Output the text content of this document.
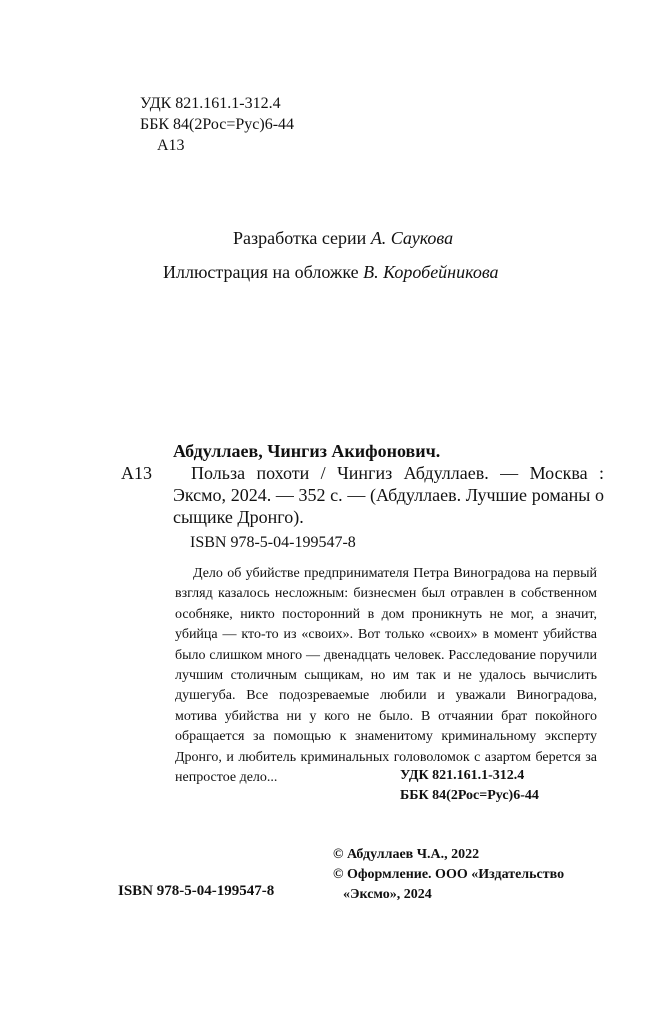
УДК 821.161.1-312.4
ББК 84(2Рос=Рус)6-44
А13
Разработка серии А. Саукова
Иллюстрация на обложке В. Коробейникова
Абдуллаев, Чингиз Акифонович.
А13	Польза похоти / Чингиз Абдуллаев. — Москва : Эксмо, 2024. — 352 с. — (Абдуллаев. Лучшие романы о сыщике Дронго).
ISBN 978-5-04-199547-8
Дело об убийстве предпринимателя Петра Виноградова на первый взгляд казалось несложным: бизнесмен был отравлен в собственном особняке, никто посторонний в дом проникнуть не мог, а значит, убийца — кто-то из «своих». Вот только «своих» в момент убийства было слишком много — двенадцать человек. Расследование поручили лучшим столичным сыщикам, но им так и не удалось вычислить душегуба. Все подозреваемые любили и уважали Виноградова, мотива убийства ни у кого не было. В отчаянии брат покойного обращается за помощью к знаменитому криминальному эксперту Дронго, и любитель криминальных головоломок с азартом берется за непростое дело...	УДК 821.161.1-312.4
ББК 84(2Рос=Рус)6-44
© Абдуллаев Ч.А., 2022
© Оформление. ООО «Издательство
«Эксмо», 2024
ISBN 978-5-04-199547-8
